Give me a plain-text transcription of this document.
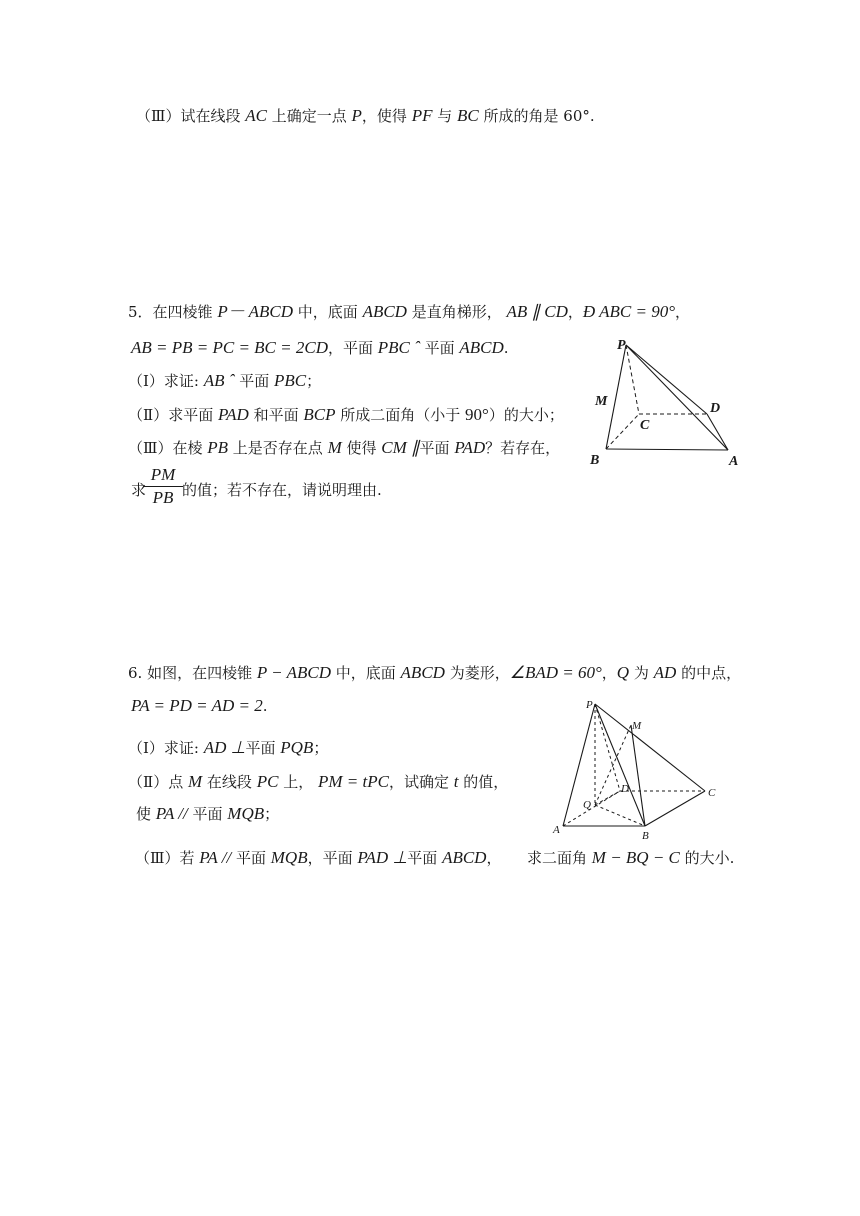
（Ⅲ）试在线段 AC 上确定一点 P，使得 PF 与 BC 所成的角是 60°.
5．在四棱锥 P－ ABCD 中，底面 ABCD 是直角梯形， AB ∥ CD，Ð ABC = 90°，
AB = PB = PC = BC = 2CD，平面 PBC ˆ 平面 ABCD.
（Ⅰ）求证: AB ˆ 平面 PBC；
（Ⅱ）求平面 PAD 和平面 BCP 所成二面角（小于 90°）的大小；
（Ⅲ）在棱 PB 上是否存在点 M 使得 CM ∥平面 PAD？若存在，
求
PM
PB 的值；若不存在，请说明理由.
P
M	D
C
B	A
6. 如图，在四棱锥 P − ABCD 中，底面 ABCD 为菱形，∠BAD = 60°，Q 为 AD 的中点，
PA = PD = AD = 2.
（Ⅰ）求证: AD ⊥平面 PQB；
（Ⅱ）点 M 在线段 PC 上， PM = tPC，试确定 t 的值，
使 PA // 平面 MQB；
（Ⅲ）若 PA // 平面 MQB，平面 PAD ⊥平面 ABCD， 求二面角 M − BQ − C 的大小.
P
M
D	C
Q
A	B
